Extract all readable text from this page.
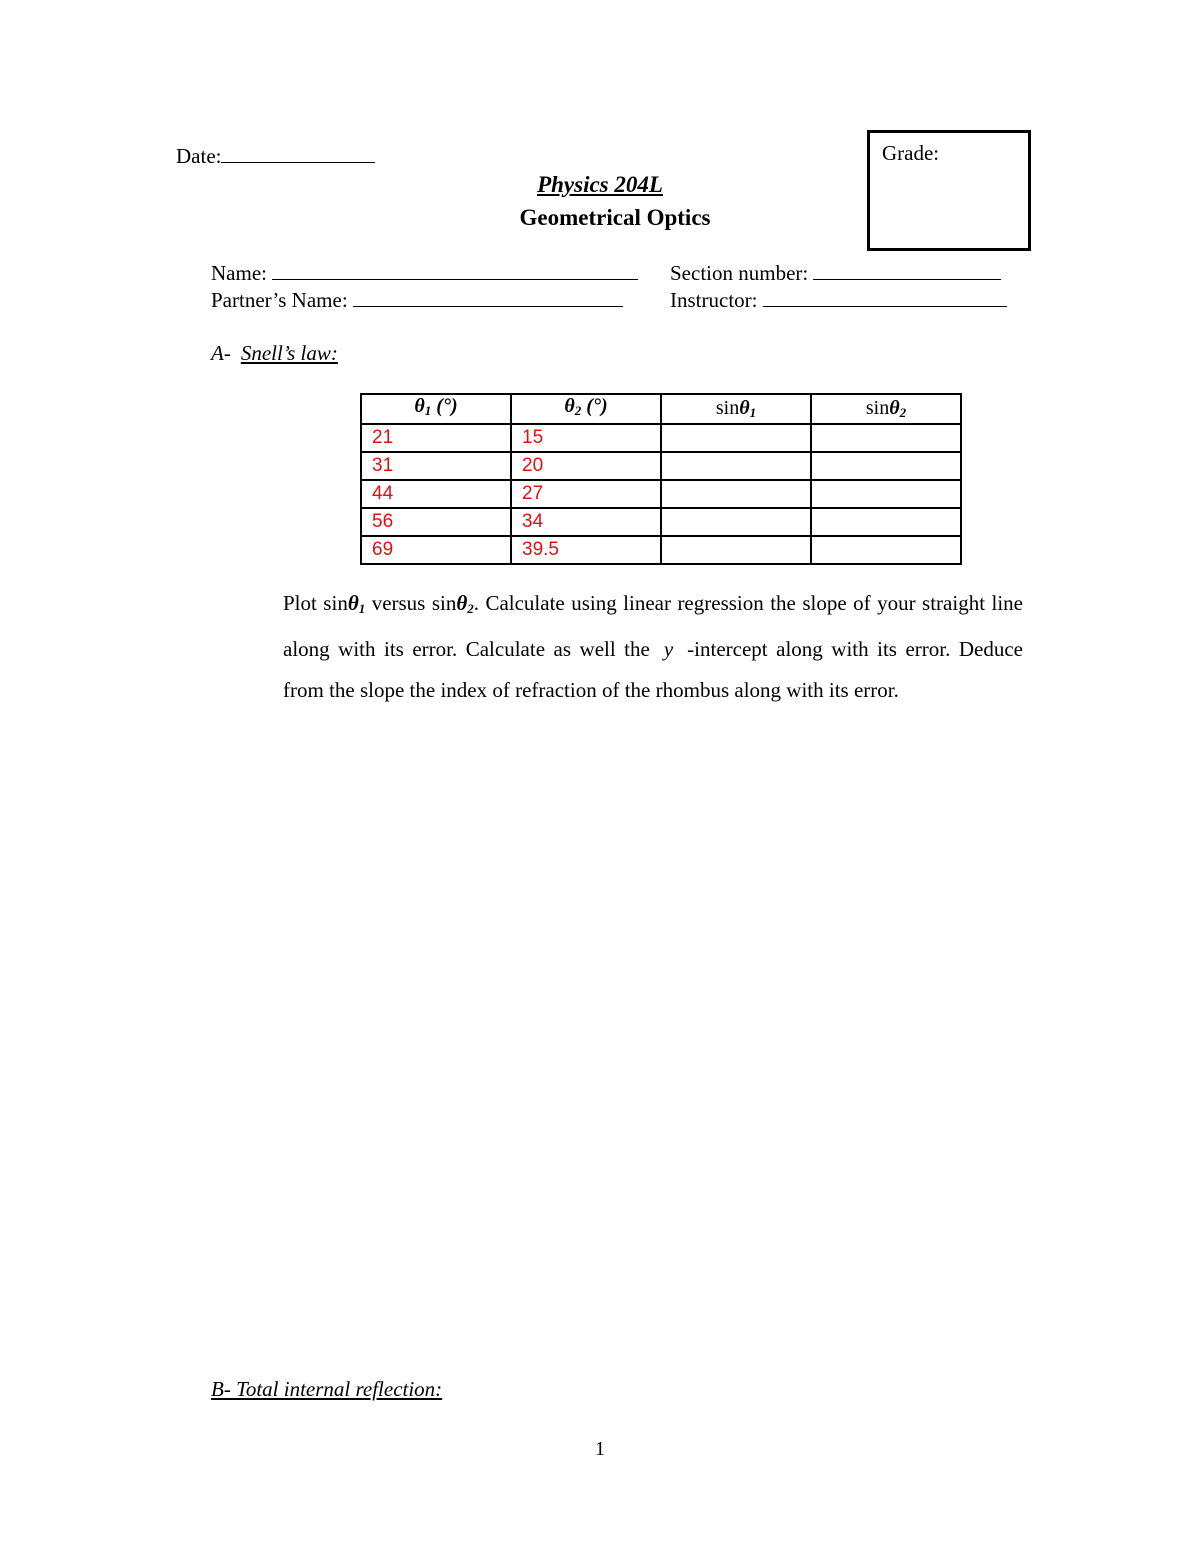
Date:	Grade:
Physics 204L
Geometrical Optics
Name:
Partner’s Name:
Section number:
Instructor:
A- Snell’s law:
$\theta_1$ (°)	$\theta_2$ (°)	sinθ$_1$	sinθ$_2$
21	15		
31	20		
44	27		
56	34		
69	39.5		
Plot sinθ$_1$ versus sinθ$_2$. Calculate using linear regression the slope of your straight line along with its error. Calculate as well the y -intercept along with its error. Deduce from the slope the index of refraction of the rhombus along with its error.
B- Total internal reflection:
1
